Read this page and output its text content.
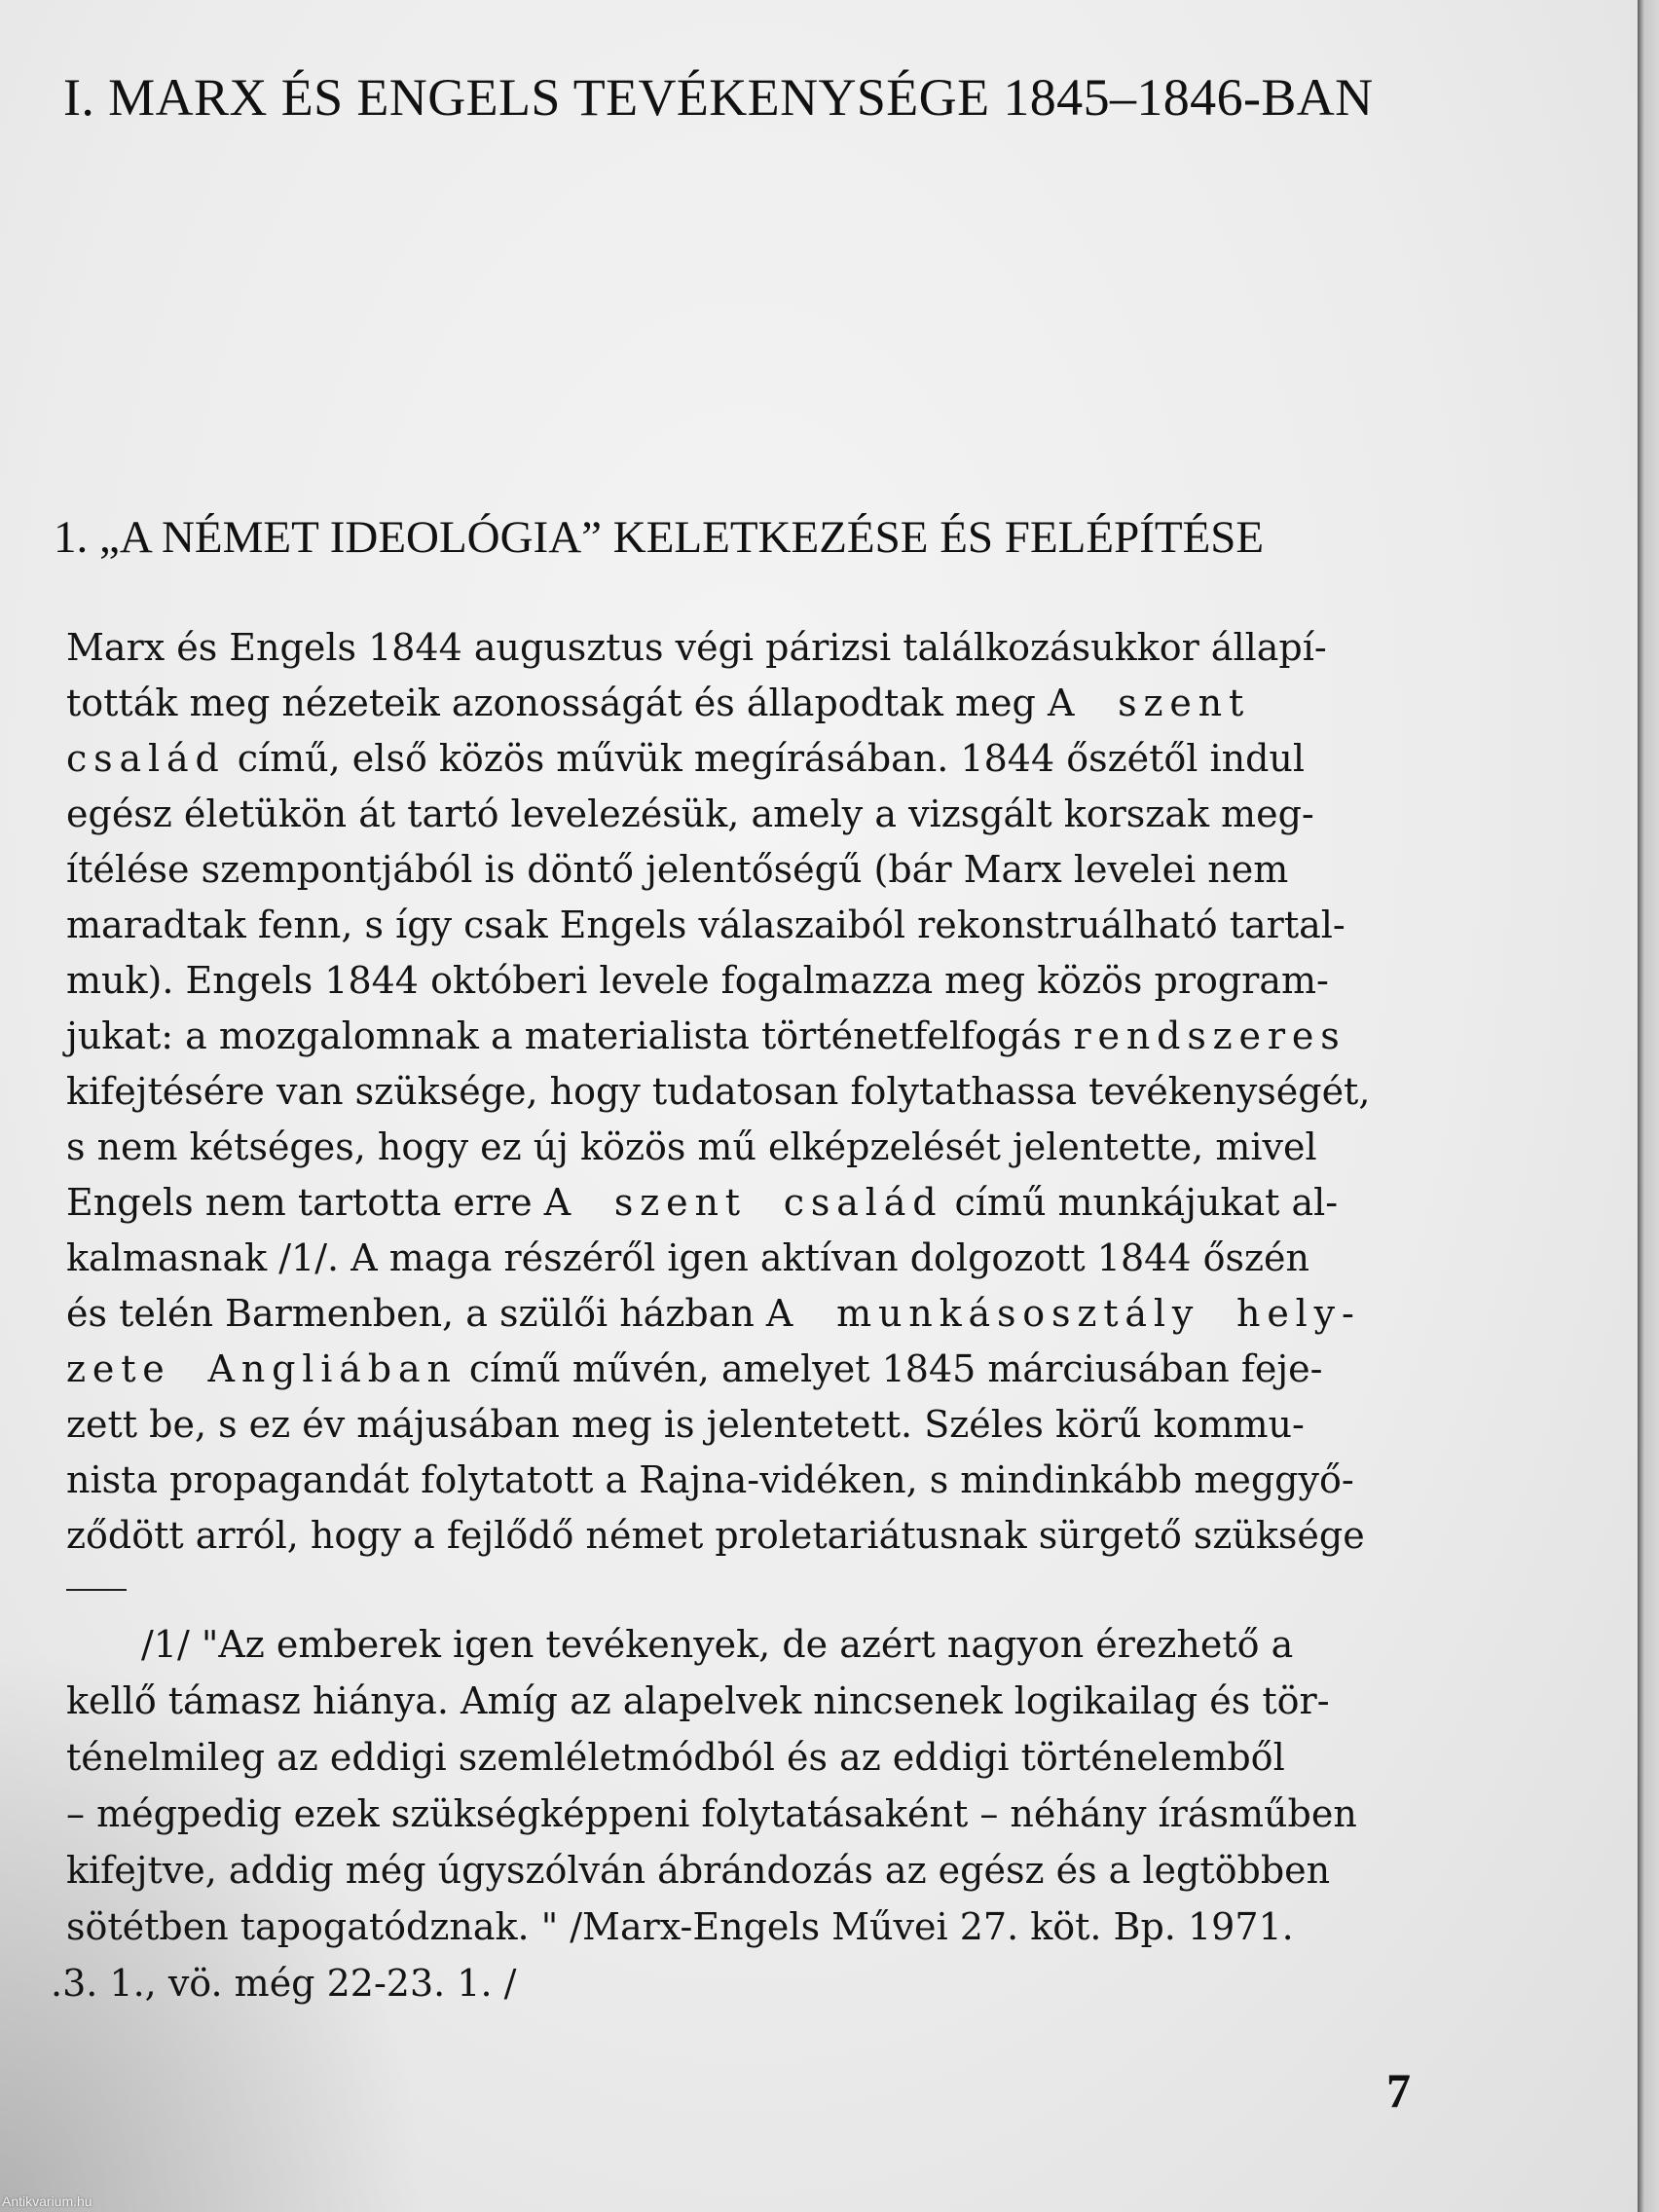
I. MARX ÉS ENGELS TEVÉKENYSÉGE 1845–1846-BAN
1. „A NÉMET IDEOLÓGIA” KELETKEZÉSE ÉS FELÉPÍTÉSE
Marx és Engels 1844 augusztus végi párizsi találkozásukkor állapí-
tották meg nézeteik azonosságát és állapodtak meg A szent
család című, első közös művük megírásában. 1844 őszétől indul
egész életükön át tartó levelezésük, amely a vizsgált korszak meg-
ítélése szempontjából is döntő jelentőségű (bár Marx levelei nem
maradtak fenn, s így csak Engels válaszaiból rekonstruálható tartal-
muk). Engels 1844 októberi levele fogalmazza meg közös program-
jukat: a mozgalomnak a materialista történetfelfogás rendszeres
kifejtésére van szüksége, hogy tudatosan folytathassa tevékenységét,
s nem kétséges, hogy ez új közös mű elképzelését jelentette, mivel
Engels nem tartotta erre A szent család című munkájukat al-
kalmasnak /1/. A maga részéről igen aktívan dolgozott 1844 őszén
és telén Barmenben, a szülői házban A munkásosztály hely-
zete Angliában című művén, amelyet 1845 márciusában feje-
zett be, s ez év májusában meg is jelentetett. Széles körű kommu-
nista propagandát folytatott a Rajna-vidéken, s mindinkább meggyő-
ződött arról, hogy a fejlődő német proletariátusnak sürgető szüksége
/1/ "Az emberek igen tevékenyek, de azért nagyon érezhető a
kellő támasz hiánya. Amíg az alapelvek nincsenek logikailag és tör-
ténelmileg az eddigi szemléletmódból és az eddigi történelemből
– mégpedig ezek szükségképpeni folytatásaként – néhány írásműben
kifejtve, addig még úgyszólván ábrándozás az egész és a legtöbben
sötétben tapogatódznak. " /Marx-Engels Művei 27. köt. Bp. 1971.
.3. 1., vö. még 22-23. 1. /
7
Antikvarium.hu
